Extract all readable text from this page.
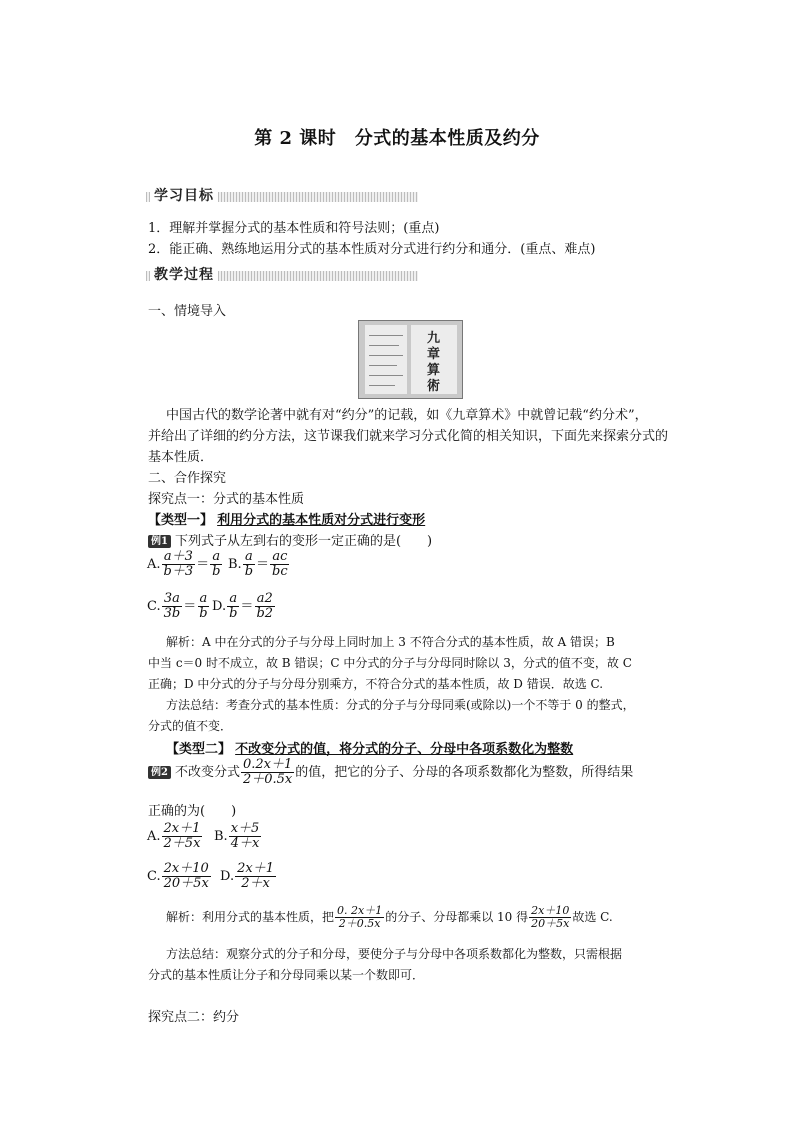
第 2 课时　分式的基本性质及约分
学习目标
1．理解并掌握分式的基本性质和符号法则；(重点)
2．能正确、熟练地运用分式的基本性质对分式进行约分和通分．(重点、难点)
教学过程
一、情境导入
九
章
算
術
中国古代的数学论著中就有对“约分”的记载，如《九章算术》中就曾记载“约分术”，
并给出了详细的约分方法，这节课我们就来学习分式化简的相关知识，下面先来探索分式的
基本性质．
二、合作探究
探究点一：分式的基本性质
【类型一】 利用分式的基本性质对分式进行变形
例1 下列式子从左到右的变形一定正确的是(　　)
A. $\frac{a+3}{b+3} = \frac{a}{b} B$. $\frac{a}{b} = \frac{ac}{bc}$
C. $\frac{3a}{3b} = \frac{a}{b} D$. $\frac{a}{b} = \frac{a2}{b2}$
解析：A 中在分式的分子与分母上同时加上 3 不符合分式的基本性质，故 A 错误；B
中当 c＝0 时不成立，故 B 错误；C 中分式的分子与分母同时除以 3，分式的值不变，故 C
正确；D 中分式的分子与分母分别乘方，不符合分式的基本性质，故 D 错误．故选 C.
方法总结：考查分式的基本性质：分式的分子与分母同乘(或除以)一个不等于 0 的整式，
分式的值不变．
【类型二】 不改变分式的值，将分式的分子、分母中各项系数化为整数
例2 不改变分式 $\frac{0.2x+1}{2+0.5x}$ 的值，把它的分子、分母的各项系数都化为整数，所得结果
正确的为(　　)
A. $\frac{2x+1}{2+5x} B$. $\frac{x+5}{4+x}$
C. $\frac{2x+10}{20+5x} D$. $\frac{2x+1}{2+x}$
解析：利用分式的基本性质，把 $\frac{0. 2x+1}{2+0.5x}$ 的分子、分母都乘以 10 得 $\frac{2x+10}{20+5x}$ 故选 C.
方法总结：观察分式的分子和分母，要使分子与分母中各项系数都化为整数，只需根据
分式的基本性质让分子和分母同乘以某一个数即可．
探究点二：约分
